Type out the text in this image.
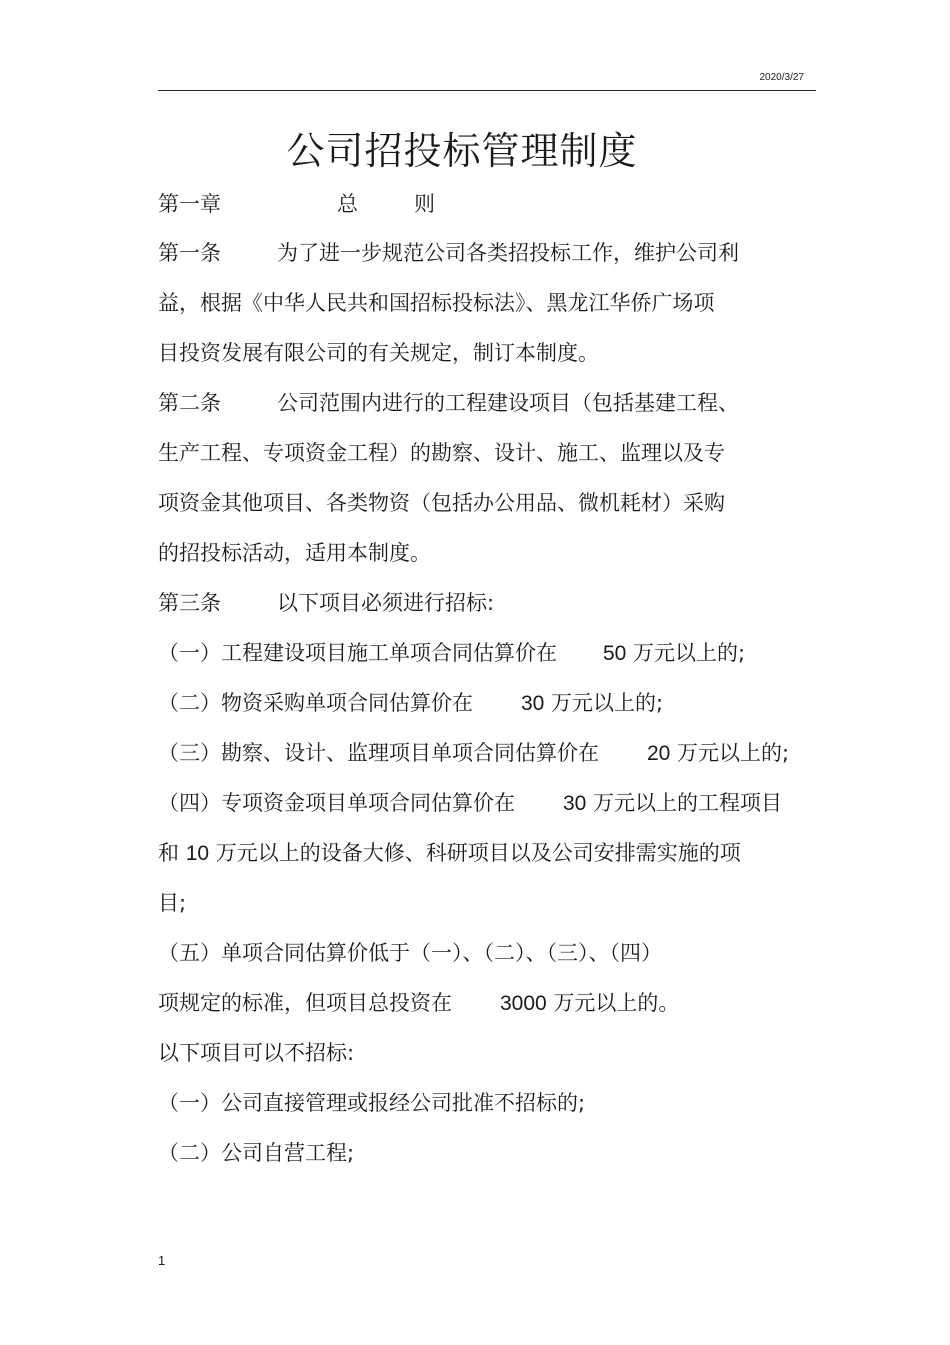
2020/3/27
公司招投标管理制度
第一章	总	则
第一条	为了进一步规范公司各类招投标工作，维护公司利
益，根据《中华人民共和国招标投标法》、黑龙江华侨广场项
目投资发展有限公司的有关规定，制订本制度。
第二条	公司范围内进行的工程建设项目（包括基建工程、
生产工程、专项资金工程）的勘察、设计、施工、监理以及专
项资金其他项目、各类物资（包括办公用品、微机耗材）采购
的招投标活动，适用本制度。
第三条	以下项目必须进行招标:
（一）工程建设项目施工单项合同估算价在 50 万元以上的;
（二）物资采购单项合同估算价在 30 万元以上的;
（三）勘察、设计、监理项目单项合同估算价在 20 万元以上的;
（四）专项资金项目单项合同估算价在 30 万元以上的工程项目
和 10 万元以上的设备大修、科研项目以及公司安排需实施的项
目;
（五）单项合同估算价低于（一）、（二）、（三）、（四）
项规定的标准，但项目总投资在 3000 万元以上的。
以下项目可以不招标:
（一）公司直接管理或报经公司批准不招标的;
（二）公司自营工程;
1
